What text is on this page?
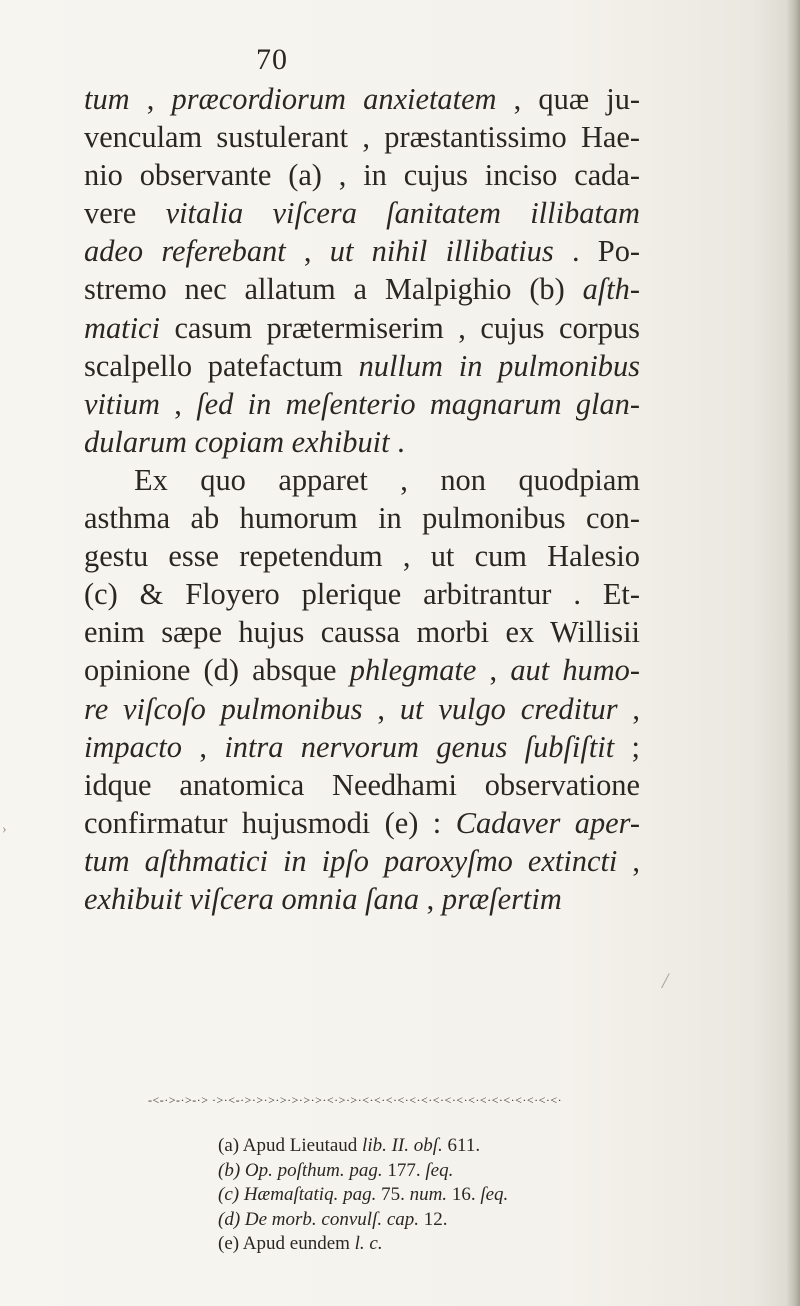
70
tum , præcordiorum anxietatem , quæ ju-
venculam sustulerant , præstantissimo Hae-
nio observante (a) , in cujus inciso cada-
vere vitalia viſcera ſanitatem illibatam
adeo referebant , ut nihil illibatius . Po-
stremo nec allatum a Malpighio (b) aſth-
matici casum prætermiserim , cujus corpus
scalpello patefactum nullum in pulmonibus
vitium , ſed in meſenterio magnarum glan-
dularum copiam exhibuit .
Ex quo apparet , non quodpiam
asthma ab humorum in pulmonibus con-
gestu esse repetendum , ut cum Halesio
(c) & Floyero plerique arbitrantur . Et-
enim sæpe hujus caussa morbi ex Willisii
opinione (d) absque phlegmate , aut humo-
re viſcoſo pulmonibus , ut vulgo creditur ,
impacto , intra nervorum genus ſubſiſtit ;
idque anatomica Needhami observatione
confirmatur hujusmodi (e) : Cadaver aper-
tum aſthmatici in ipſo paroxyſmo extincti ,
exhibuit viſcera omnia ſana , præſertim
-<-·>-·>-·> ·>·<-·>·>·>·>·>·>·>·<·>·>·<·<·<·<·<·<·<·<·<·<·<·<·<·<·<·<·<·
(a) Apud Lieutaud lib. II. obſ. 611.
(b) Op. poſthum. pag. 177. ſeq.
(c) Hæmaſtatiq. pag. 75. num. 16. ſeq.
(d) De morb. convulſ. cap. 12.
(e) Apud eundem l. c.
/
›
